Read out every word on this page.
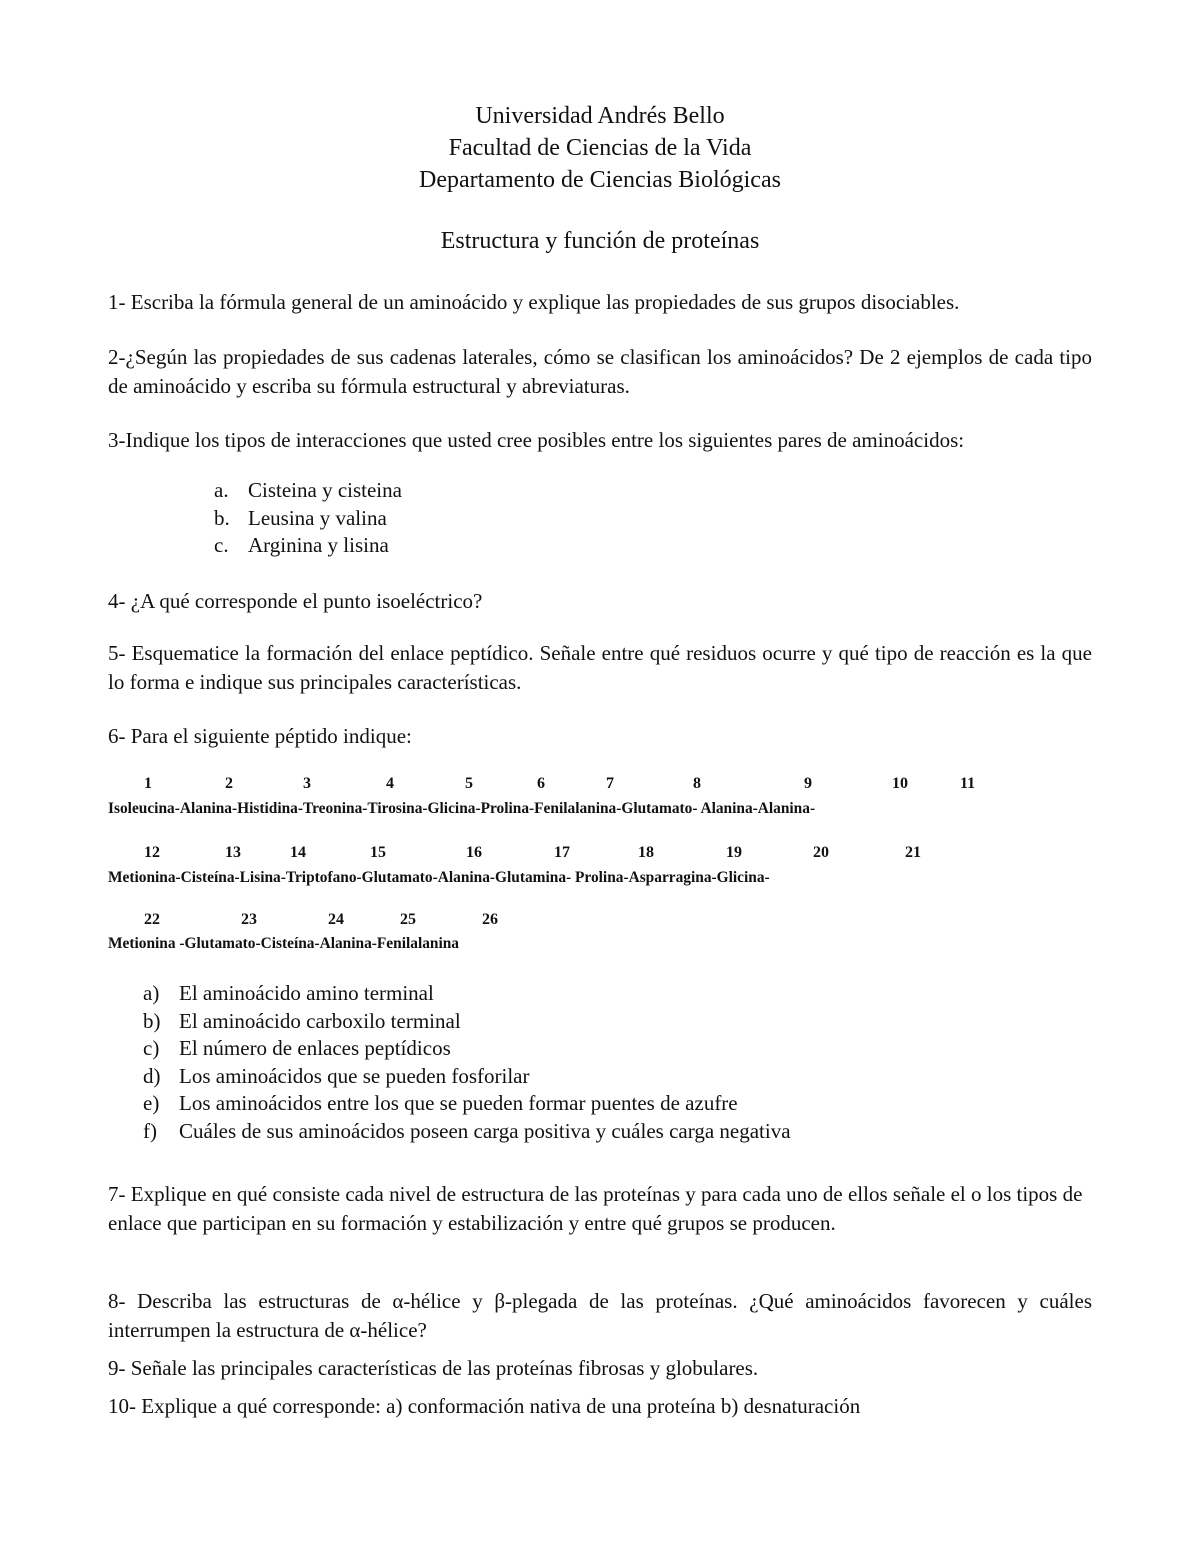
Universidad Andrés Bello
Facultad de Ciencias de la Vida
Departamento de Ciencias Biológicas
Estructura y función de proteínas

1- Escriba la fórmula general de un aminoácido y explique las propiedades de sus grupos disociables.

2-¿Según las propiedades de sus cadenas laterales, cómo se clasifican los aminoácidos? De 2 ejemplos de cada tipo de aminoácido y escriba su fórmula estructural y abreviaturas.

3-Indique los tipos de interacciones que usted cree posibles entre los siguientes pares de aminoácidos:

a. Cisteina y cisteina
b. Leusina y valina
c. Arginina y lisina

4- ¿A qué corresponde el punto isoeléctrico?

5- Esquematice la formación del enlace peptídico. Señale entre qué residuos ocurre y qué tipo de reacción es la que lo forma e indique sus principales características.

6- Para el siguiente péptido indique:

1	2	3	4	5	6	7	8	9	10	11
Isoleucina-Alanina-Histidina-Treonina-Tirosina-Glicina-Prolina-Fenilalanina-Glutamato- Alanina-Alanina-
12	13	14	15	16	17	18	19	20	21
Metionina-Cisteína-Lisina-Triptofano-Glutamato-Alanina-Glutamina- Prolina-Asparragina-Glicina-
22	23	24	25	26
Metionina -Glutamato-Cisteína-Alanina-Fenilalanina
a) El aminoácido amino terminal
b) El aminoácido carboxilo terminal
c) El número de enlaces peptídicos
d) Los aminoácidos que se pueden fosforilar
e) Los aminoácidos entre los que se pueden formar puentes de azufre
f)	Cuáles de sus aminoácidos poseen carga positiva y cuáles carga negativa

7- Explique en qué consiste cada nivel de estructura de las proteínas y para cada uno de ellos señale el o los tipos de enlace que participan en su formación y estabilización y entre qué grupos se producen.

8- Describa las estructuras de α-hélice y β-plegada de las proteínas. ¿Qué aminoácidos favorecen y cuáles interrumpen la estructura de α-hélice?

9- Señale las principales características de las proteínas fibrosas y globulares.

10- Explique a qué corresponde: a) conformación nativa de una proteína b) desnaturación
